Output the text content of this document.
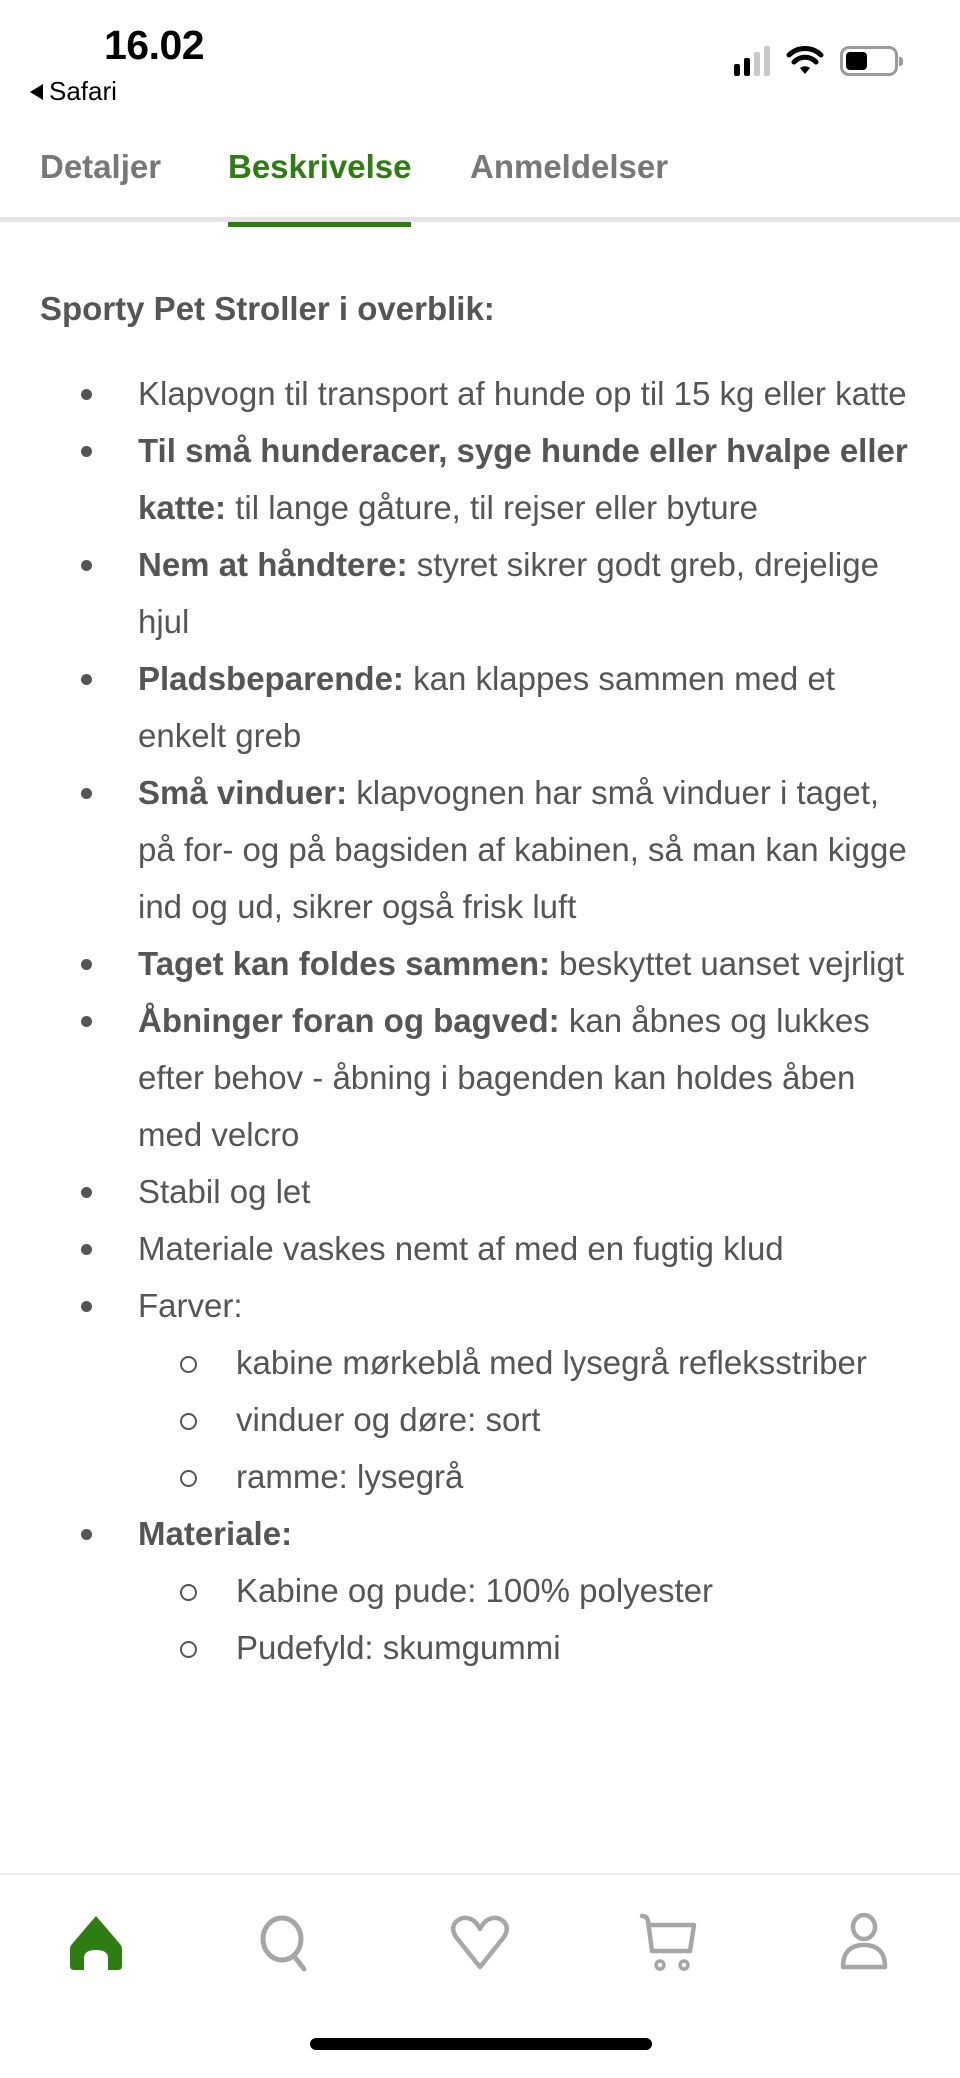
16.02
Safari
Detaljer Beskrivelse Anmeldelser
Sporty Pet Stroller i overblik:
Klapvogn til transport af hunde op til 15 kg eller katte
Til små hunderacer, syge hunde eller hvalpe eller katte: til lange gåture, til rejser eller byture
Nem at håndtere: styret sikrer godt greb, drejelige hjul
Pladsbeparende: kan klappes sammen med et enkelt greb
Små vinduer: klapvognen har små vinduer i taget, på for- og på bagsiden af kabinen, så man kan kigge ind og ud, sikrer også frisk luft
Taget kan foldes sammen: beskyttet uanset vejrligt
Åbninger foran og bagved: kan åbnes og lukkes efter behov - åbning i bagenden kan holdes åben med velcro
Stabil og let
Materiale vaskes nemt af med en fugtig klud
Farver:
kabine mørkeblå med lysegrå refleksstriber
vinduer og døre: sort
ramme: lysegrå
Materiale:
Kabine og pude: 100% polyester
Pudefyld: skumgummi
